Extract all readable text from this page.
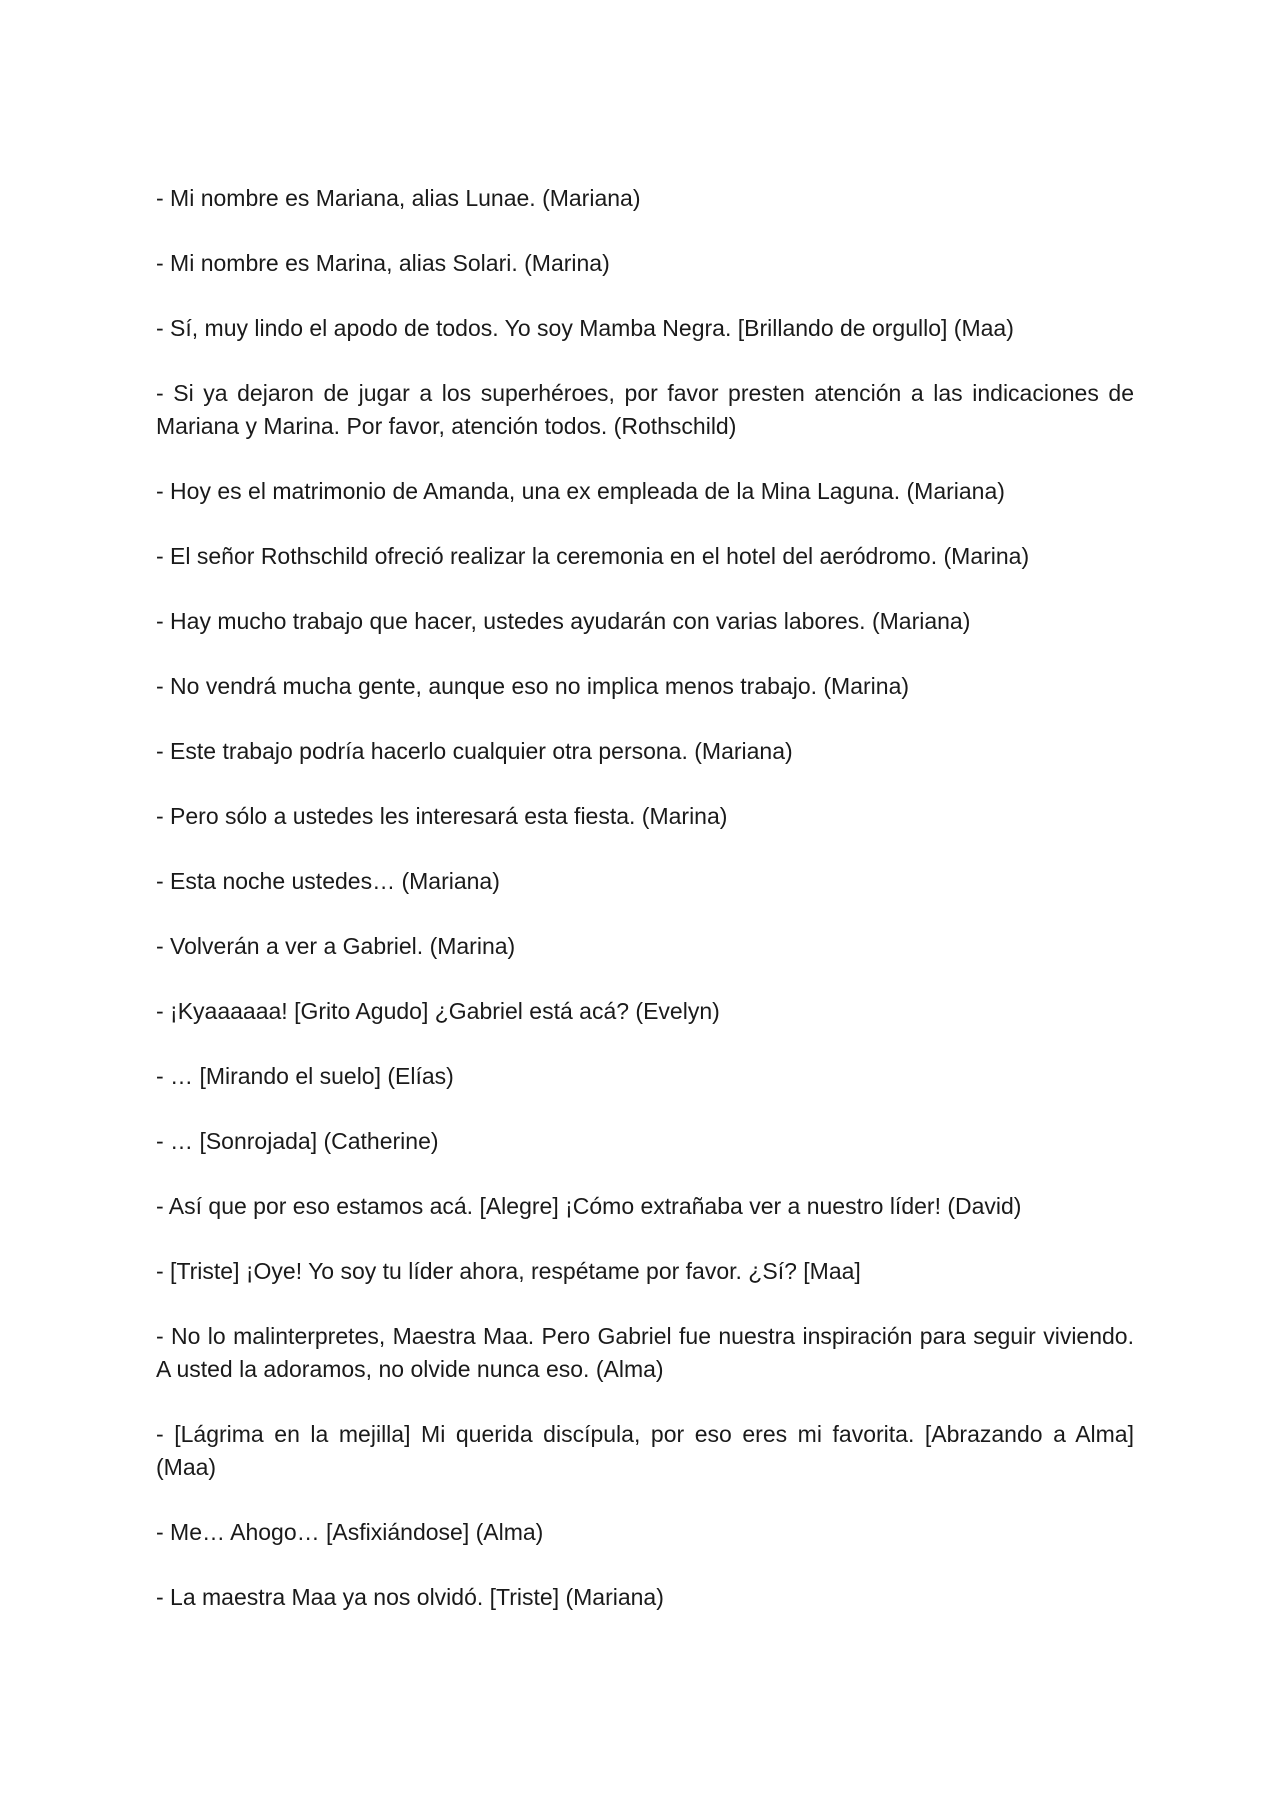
- Mi nombre es Mariana, alias Lunae. (Mariana)

- Mi nombre es Marina, alias Solari. (Marina)

- Sí, muy lindo el apodo de todos. Yo soy Mamba Negra. [Brillando de orgullo] (Maa)

- Si ya dejaron de jugar a los superhéroes, por favor presten atención a las indicaciones de Mariana y Marina. Por favor, atención todos. (Rothschild)

- Hoy es el matrimonio de Amanda, una ex empleada de la Mina Laguna. (Mariana)

- El señor Rothschild ofreció realizar la ceremonia en el hotel del aeródromo. (Marina)

- Hay mucho trabajo que hacer, ustedes ayudarán con varias labores. (Mariana)

- No vendrá mucha gente, aunque eso no implica menos trabajo. (Marina)

- Este trabajo podría hacerlo cualquier otra persona. (Mariana)

- Pero sólo a ustedes les interesará esta fiesta. (Marina)

- Esta noche ustedes… (Mariana)

- Volverán a ver a Gabriel. (Marina)

- ¡Kyaaaaaa! [Grito Agudo] ¿Gabriel está acá? (Evelyn)

- … [Mirando el suelo] (Elías)

- … [Sonrojada] (Catherine)

- Así que por eso estamos acá. [Alegre] ¡Cómo extrañaba ver a nuestro líder! (David)

- [Triste] ¡Oye! Yo soy tu líder ahora, respétame por favor. ¿Sí? [Maa]

- No lo malinterpretes, Maestra Maa. Pero Gabriel fue nuestra inspiración para seguir viviendo. A usted la adoramos, no olvide nunca eso. (Alma)

- [Lágrima en la mejilla] Mi querida discípula, por eso eres mi favorita. [Abrazando a Alma] (Maa)

- Me… Ahogo… [Asfixiándose] (Alma)

- La maestra Maa ya nos olvidó. [Triste] (Mariana)
